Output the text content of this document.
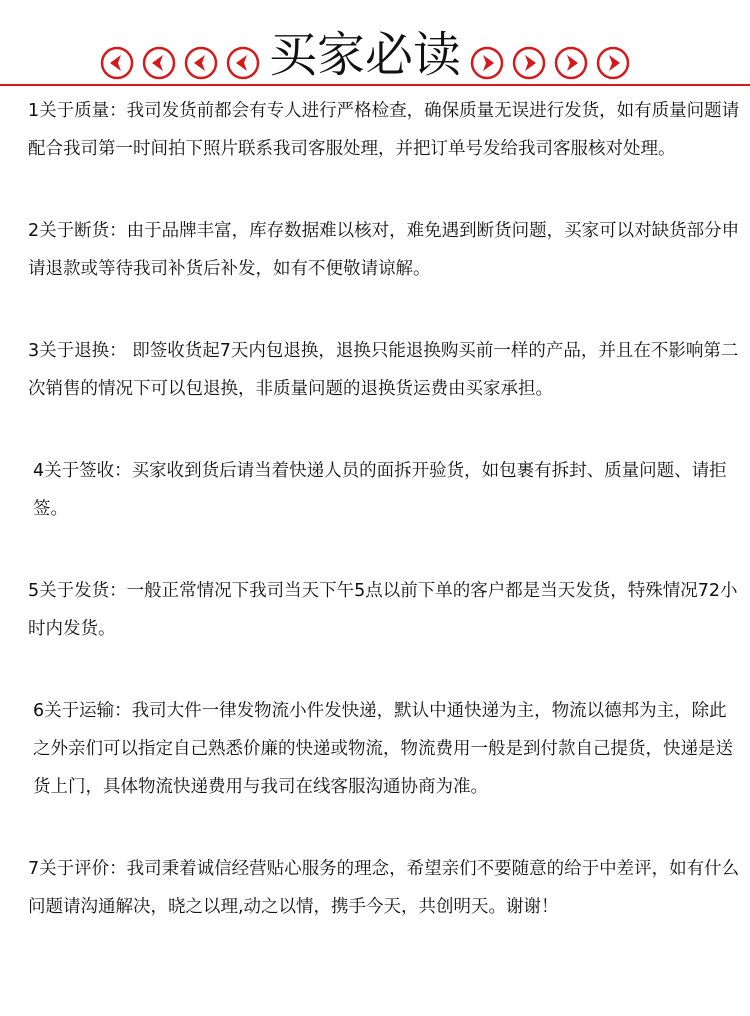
买家必读

1关于质量：我司发货前都会有专人进行严格检查，确保质量无误进行发货，如有质量问题请配合我司第一时间拍下照片联系我司客服处理，并把订单号发给我司客服核对处理。

2关于断货：由于品牌丰富，库存数据难以核对，难免遇到断货问题，买家可以对缺货部分申请退款或等待我司补货后补发，如有不便敬请谅解。

3关于退换： 即签收货起7天内包退换，退换只能退换购买前一样的产品，并且在不影响第二次销售的情况下可以包退换，非质量问题的退换货运费由买家承担。

4关于签收：买家收到货后请当着快递人员的面拆开验货，如包裹有拆封、质量问题、请拒签。

5关于发货：一般正常情况下我司当天下午5点以前下单的客户都是当天发货，特殊情况72小时内发货。

6关于运输：我司大件一律发物流小件发快递，默认中通快递为主，物流以德邦为主，除此之外亲们可以指定自己熟悉价廉的快递或物流，物流费用一般是到付款自己提货，快递是送货上门，具体物流快递费用与我司在线客服沟通协商为准。

7关于评价：我司秉着诚信经营贴心服务的理念，希望亲们不要随意的给于中差评，如有什么问题请沟通解决，晓之以理,动之以情，携手今天，共创明天。谢谢！
